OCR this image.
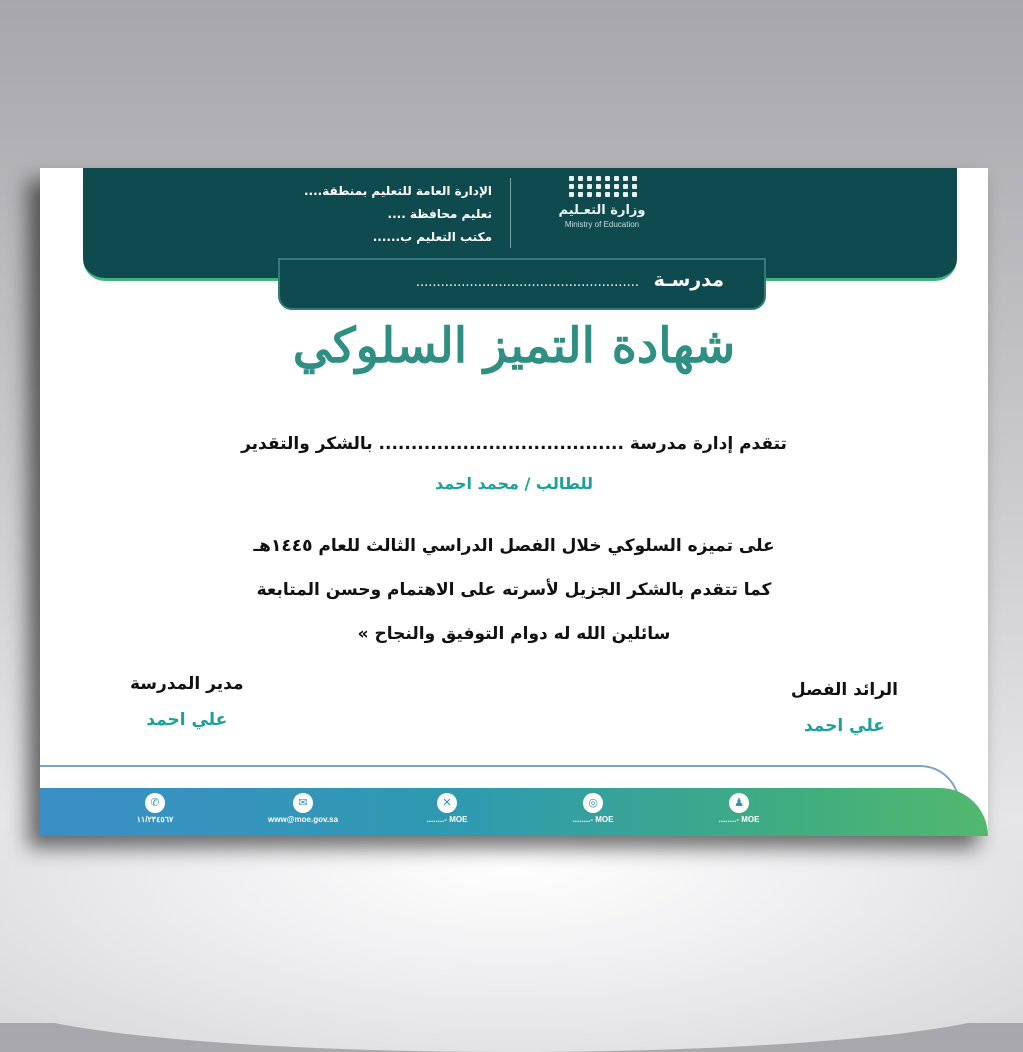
وزارة التعـليم
Ministry of Education
الإدارة العامة للتعليم بمنطقة....
تعليم محافظة ....
مكتب التعليم ب......
مدرسـة ......................................................
شهادة التميز السلوكي
تتقدم إدارة مدرسة ...................................... بالشكر والتقدير
للطالب / محمد احمد
على تميزه السلوكي خلال الفصل الدراسي الثالث للعام ١٤٤٥هـ
كما تتقدم بالشكر الجزيل لأسرته على الاهتمام وحسن المتابعة
سائلين الله له دوام التوفيق والنجاح »
مدير المدرسة
علي احمد
الرائد الفصل
علي احمد
✆
١١/٢٣٤٥٦٧
✉
www@moe.gov.sa
✕
........- MOE
◎
........- MOE
♟
........- MOE
